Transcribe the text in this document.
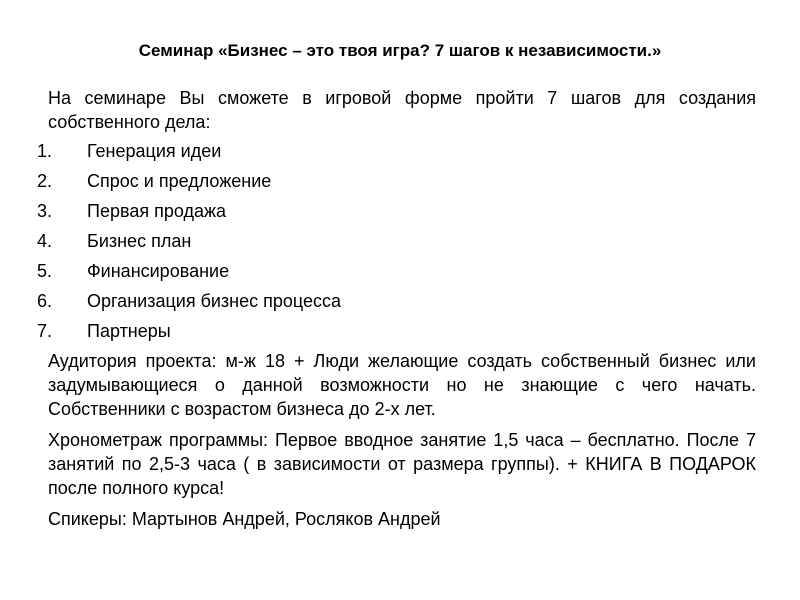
Семинар «Бизнес – это твоя игра? 7 шагов к независимости.»

На семинаре Вы сможете в игровой форме пройти 7 шагов для создания собственного дела:

1. Генерация идеи
2. Спрос и предложение
3. Первая продажа
4. Бизнес план
5. Финансирование
6. Организация бизнес процесса
7. Партнеры

Аудитория проекта: м-ж 18 + Люди желающие создать собственный бизнес или задумывающиеся о данной возможности но не знающие с чего начать. Собственники с возрастом бизнеса до 2-х лет.

Хронометраж программы: Первое вводное занятие 1,5 часа – бесплатно. После 7 занятий по 2,5-3 часа ( в зависимости от размера группы). + КНИГА В ПОДАРОК после полного курса!

Спикеры: Мартынов Андрей, Росляков Андрей
